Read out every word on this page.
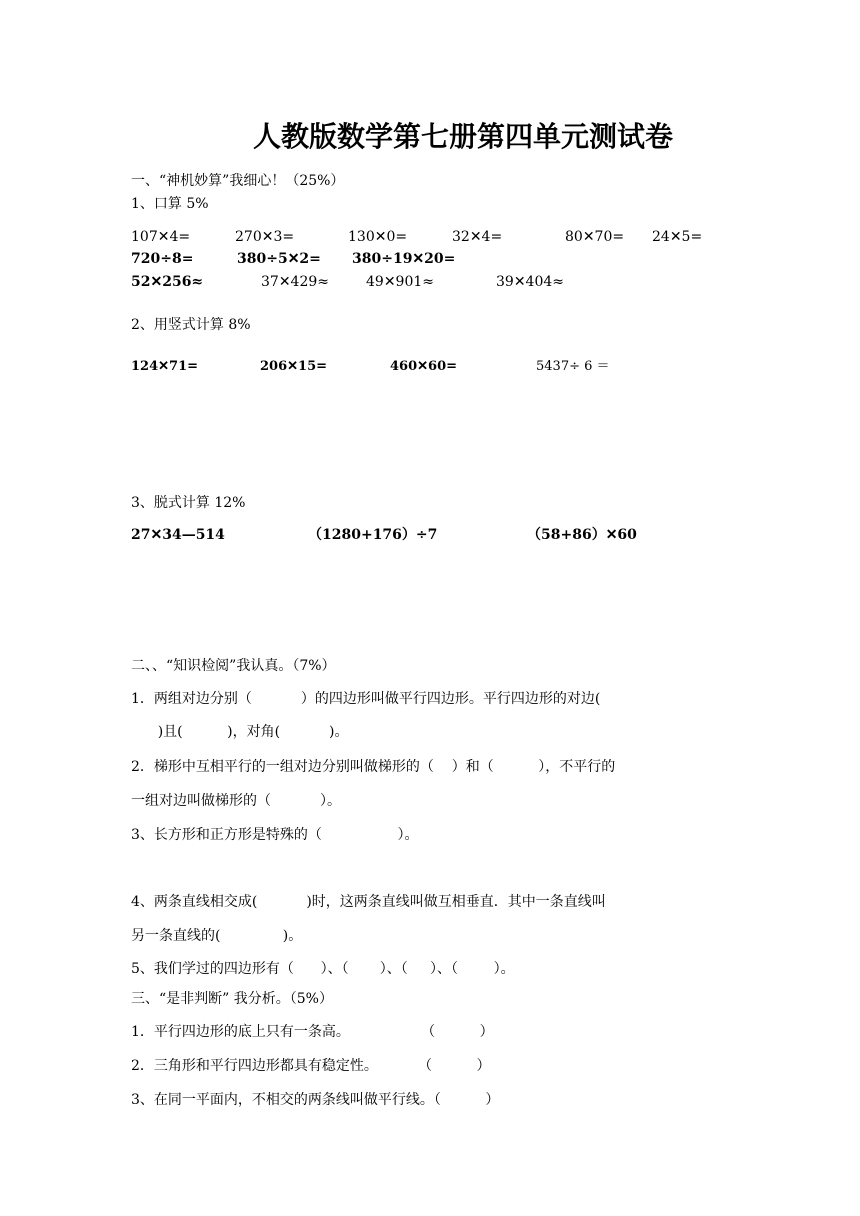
人教版数学第七册第四单元测试卷
一、“神机妙算”我细心！（25%）
1、口算 5%
107✕4=	270✕3=	130✕0=	32✕4=	80✕70= 24✕5=
720÷8=	380÷5✕2= 380÷19✕20=
52✕256≈	37✕429≈	49✕901≈	39✕404≈
2、用竖式计算 8%
124✕71=	206✕15=	460✕60=	5437÷ 6 ＝
3、脱式计算 12%
27✕34—514	（1280+176）÷7	（58+86）✕60
二、、“知识检阅”我认真。（7%）
1．两组对边分别（           ）的四边形叫做平行四边形。平行四边形的对边(
)且(          )，对角(           )。
2．梯形中互相平行的一组对边分别叫做梯形的（    ）和（          ），不平行的
一组对边叫做梯形的（           ）。
3、长方形和正方形是特殊的（                 ）。
4、两条直线相交成(           )时，这两条直线叫做互相垂直．其中一条直线叫
另一条直线的(              )。
5、我们学过的四边形有（      ）、（       ）、（     ）、（        ）。
三、“是非判断” 我分析。（5%）
1．平行四边形的底上只有一条高。                （          ）
2．三角形和平行四边形都具有稳定性。         （          ）
3、在同一平面内，不相交的两条线叫做平行线。（          ）
